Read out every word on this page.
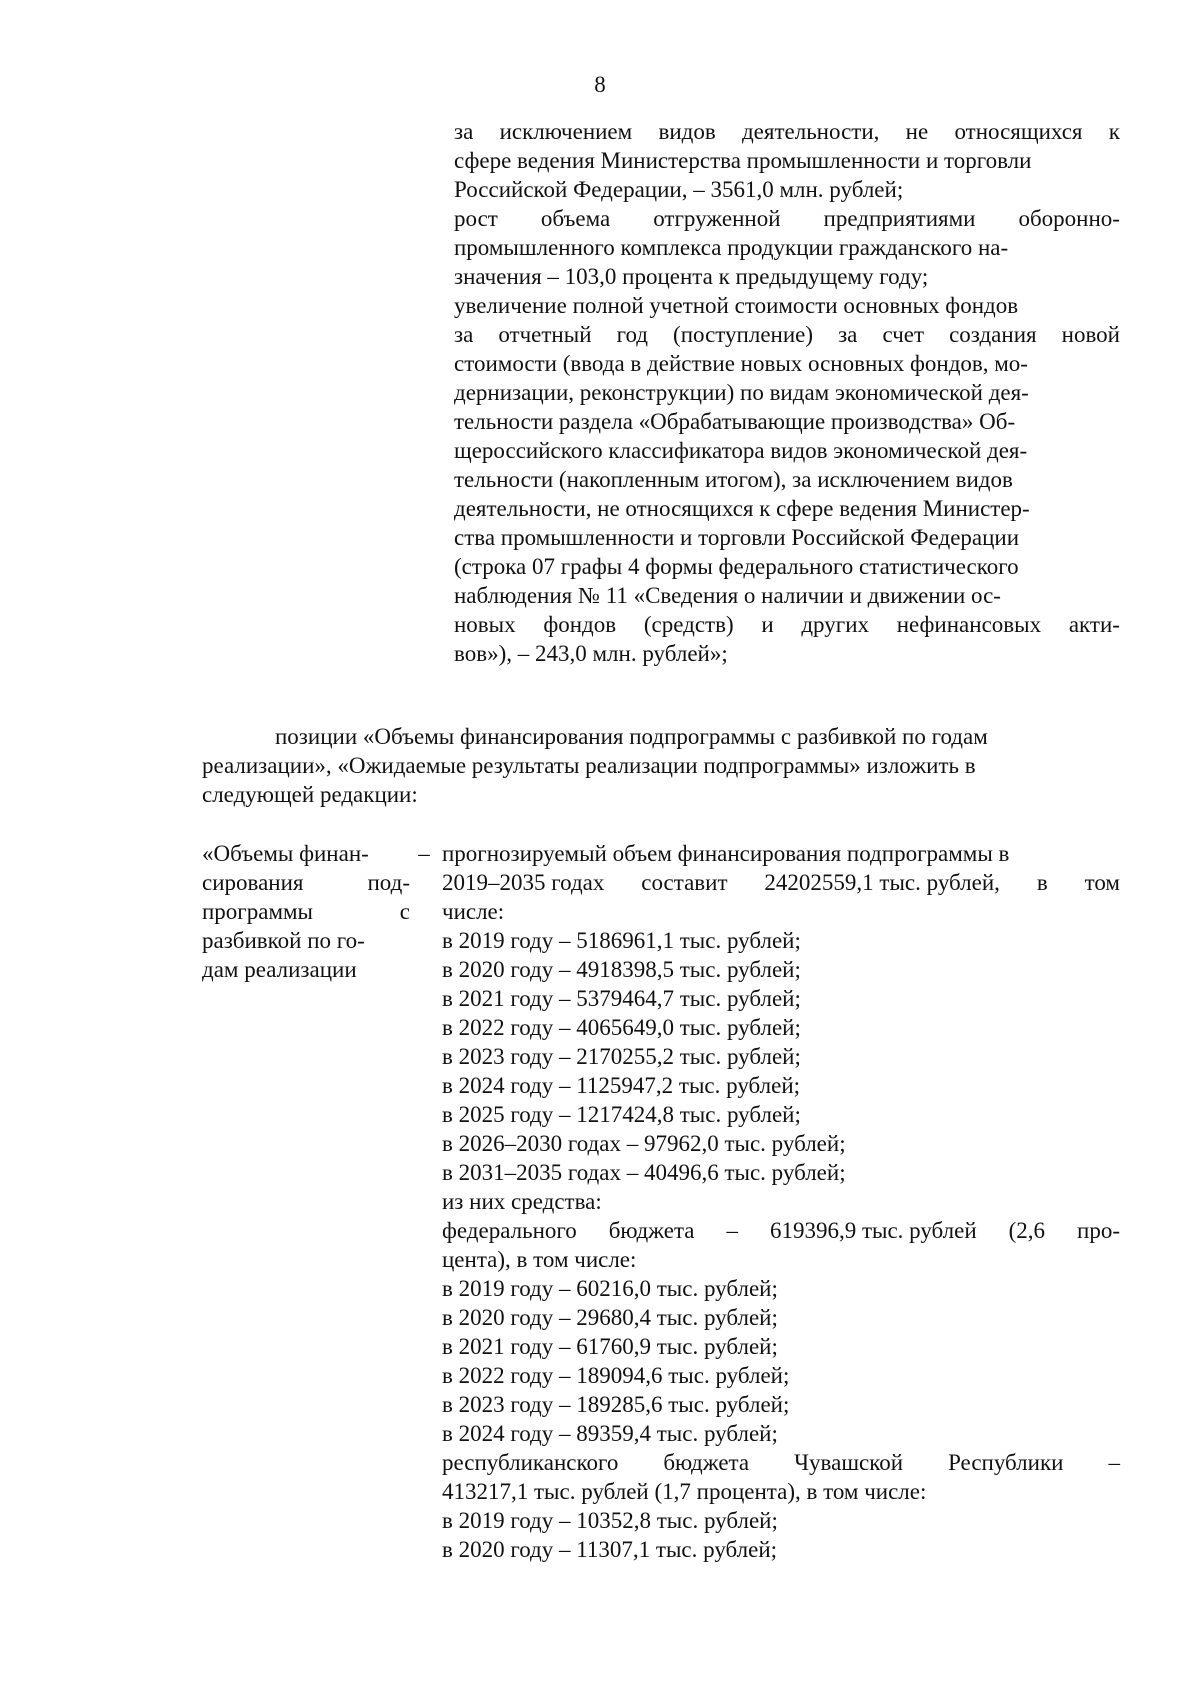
8
за исключением видов деятельности, не относящихся к
сфере ведения Министерства промышленности и торговли
Российской Федерации, – 3561,0 млн. рублей;
рост объема отгруженной предприятиями оборонно-
промышленного комплекса продукции гражданского на-
значения – 103,0 процента к предыдущему году;
увеличение полной учетной стоимости основных фондов
за отчетный год (поступление) за счет создания новой
стоимости (ввода в действие новых основных фондов, мо-
дернизации, реконструкции) по видам экономической дея-
тельности раздела «Обрабатывающие производства» Об-
щероссийского классификатора видов экономической дея-
тельности (накопленным итогом), за исключением видов
деятельности, не относящихся к сфере ведения Министер-
ства промышленности и торговли Российской Федерации
(строка 07 графы 4 формы федерального статистического
наблюдения № 11 «Сведения о наличии и движении ос-
новых фондов (средств) и других нефинансовых акти-
вов»), – 243,0 млн. рублей»;
позиции «Объемы финансирования подпрограммы с разбивкой по годам
реализации», «Ожидаемые результаты реализации подпрограммы» изложить в
следующей редакции:
«Объемы финан-
сирования	под-
программы	с
разбивкой по го-
дам реализации
– прогнозируемый объем финансирования подпрограммы в
2019–2035 годах составит 24202559,1 тыс. рублей, в том
числе:
в 2019 году – 5186961,1 тыс. рублей;
в 2020 году – 4918398,5 тыс. рублей;
в 2021 году – 5379464,7 тыс. рублей;
в 2022 году – 4065649,0 тыс. рублей;
в 2023 году – 2170255,2 тыс. рублей;
в 2024 году – 1125947,2 тыс. рублей;
в 2025 году – 1217424,8 тыс. рублей;
в 2026–2030 годах – 97962,0 тыс. рублей;
в 2031–2035 годах – 40496,6 тыс. рублей;
из них средства:
федерального бюджета – 619396,9 тыс. рублей (2,6 про-
цента), в том числе:
в 2019 году – 60216,0 тыс. рублей;
в 2020 году – 29680,4 тыс. рублей;
в 2021 году – 61760,9 тыс. рублей;
в 2022 году – 189094,6 тыс. рублей;
в 2023 году – 189285,6 тыс. рублей;
в 2024 году – 89359,4 тыс. рублей;
республиканского бюджета Чувашской Республики –
413217,1 тыс. рублей (1,7 процента), в том числе:
в 2019 году – 10352,8 тыс. рублей;
в 2020 году – 11307,1 тыс. рублей;
